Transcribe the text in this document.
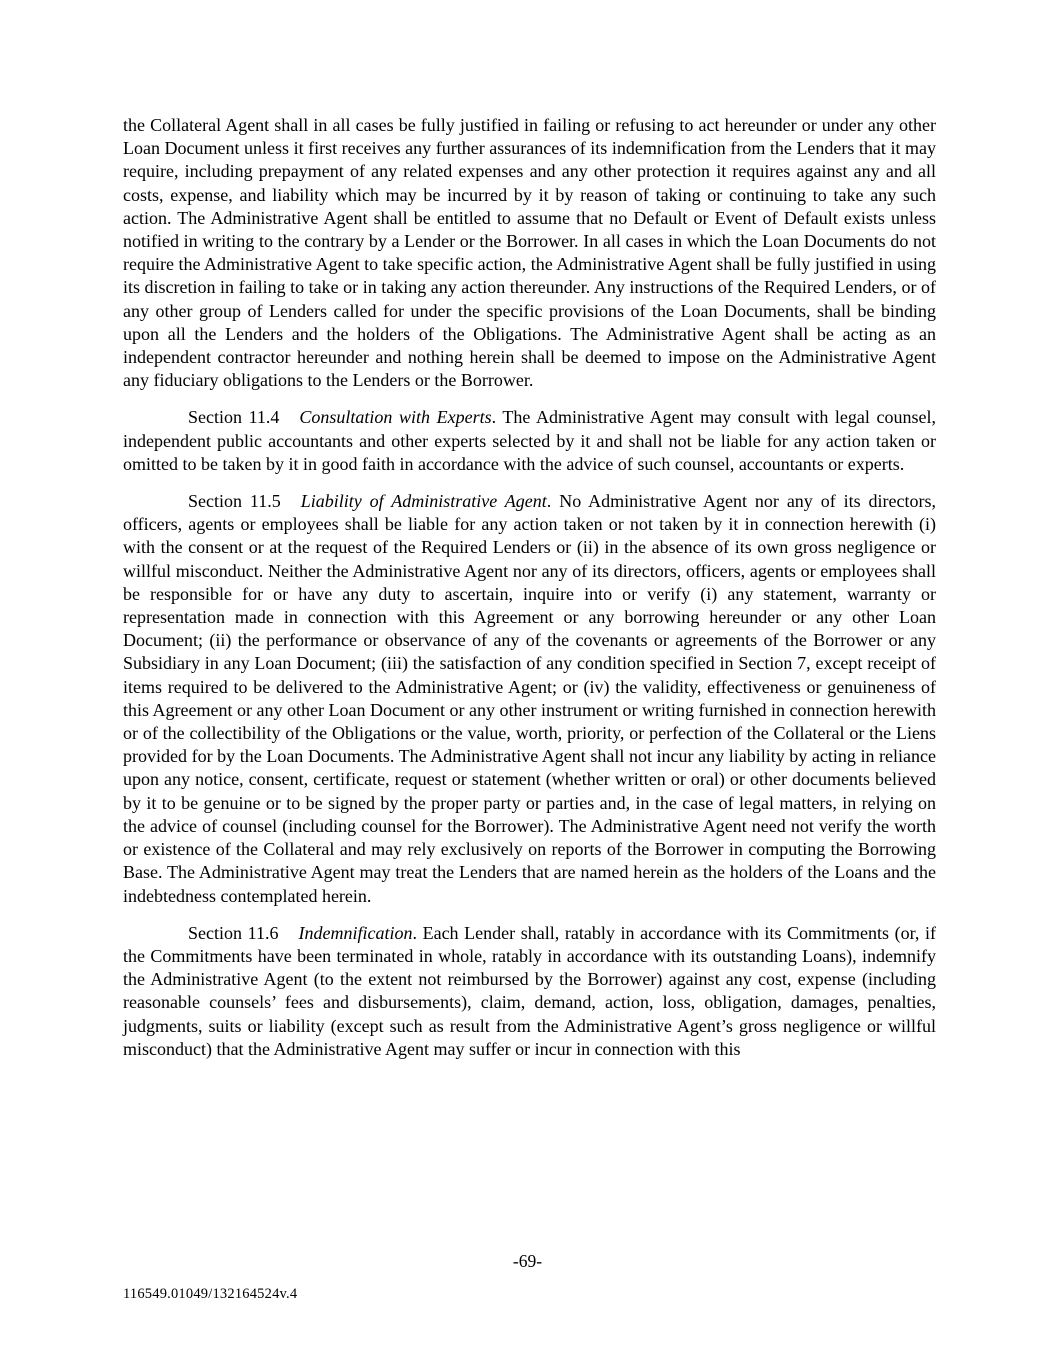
the Collateral Agent shall in all cases be fully justified in failing or refusing to act hereunder or under any other Loan Document unless it first receives any further assurances of its indemnification from the Lenders that it may require, including prepayment of any related expenses and any other protection it requires against any and all costs, expense, and liability which may be incurred by it by reason of taking or continuing to take any such action. The Administrative Agent shall be entitled to assume that no Default or Event of Default exists unless notified in writing to the contrary by a Lender or the Borrower. In all cases in which the Loan Documents do not require the Administrative Agent to take specific action, the Administrative Agent shall be fully justified in using its discretion in failing to take or in taking any action thereunder. Any instructions of the Required Lenders, or of any other group of Lenders called for under the specific provisions of the Loan Documents, shall be binding upon all the Lenders and the holders of the Obligations. The Administrative Agent shall be acting as an independent contractor hereunder and nothing herein shall be deemed to impose on the Administrative Agent any fiduciary obligations to the Lenders or the Borrower.

Section 11.4 Consultation with Experts. The Administrative Agent may consult with legal counsel, independent public accountants and other experts selected by it and shall not be liable for any action taken or omitted to be taken by it in good faith in accordance with the advice of such counsel, accountants or experts.

Section 11.5 Liability of Administrative Agent. No Administrative Agent nor any of its directors, officers, agents or employees shall be liable for any action taken or not taken by it in connection herewith (i) with the consent or at the request of the Required Lenders or (ii) in the absence of its own gross negligence or willful misconduct. Neither the Administrative Agent nor any of its directors, officers, agents or employees shall be responsible for or have any duty to ascertain, inquire into or verify (i) any statement, warranty or representation made in connection with this Agreement or any borrowing hereunder or any other Loan Document; (ii) the performance or observance of any of the covenants or agreements of the Borrower or any Subsidiary in any Loan Document; (iii) the satisfaction of any condition specified in Section 7, except receipt of items required to be delivered to the Administrative Agent; or (iv) the validity, effectiveness or genuineness of this Agreement or any other Loan Document or any other instrument or writing furnished in connection herewith or of the collectibility of the Obligations or the value, worth, priority, or perfection of the Collateral or the Liens provided for by the Loan Documents. The Administrative Agent shall not incur any liability by acting in reliance upon any notice, consent, certificate, request or statement (whether written or oral) or other documents believed by it to be genuine or to be signed by the proper party or parties and, in the case of legal matters, in relying on the advice of counsel (including counsel for the Borrower). The Administrative Agent need not verify the worth or existence of the Collateral and may rely exclusively on reports of the Borrower in computing the Borrowing Base. The Administrative Agent may treat the Lenders that are named herein as the holders of the Loans and the indebtedness contemplated herein.

Section 11.6 Indemnification. Each Lender shall, ratably in accordance with its Commitments (or, if the Commitments have been terminated in whole, ratably in accordance with its outstanding Loans), indemnify the Administrative Agent (to the extent not reimbursed by the Borrower) against any cost, expense (including reasonable counsels’ fees and disbursements), claim, demand, action, loss, obligation, damages, penalties, judgments, suits or liability (except such as result from the Administrative Agent’s gross negligence or willful misconduct) that the Administrative Agent may suffer or incur in connection with this

-69-
116549.01049/132164524v.4
